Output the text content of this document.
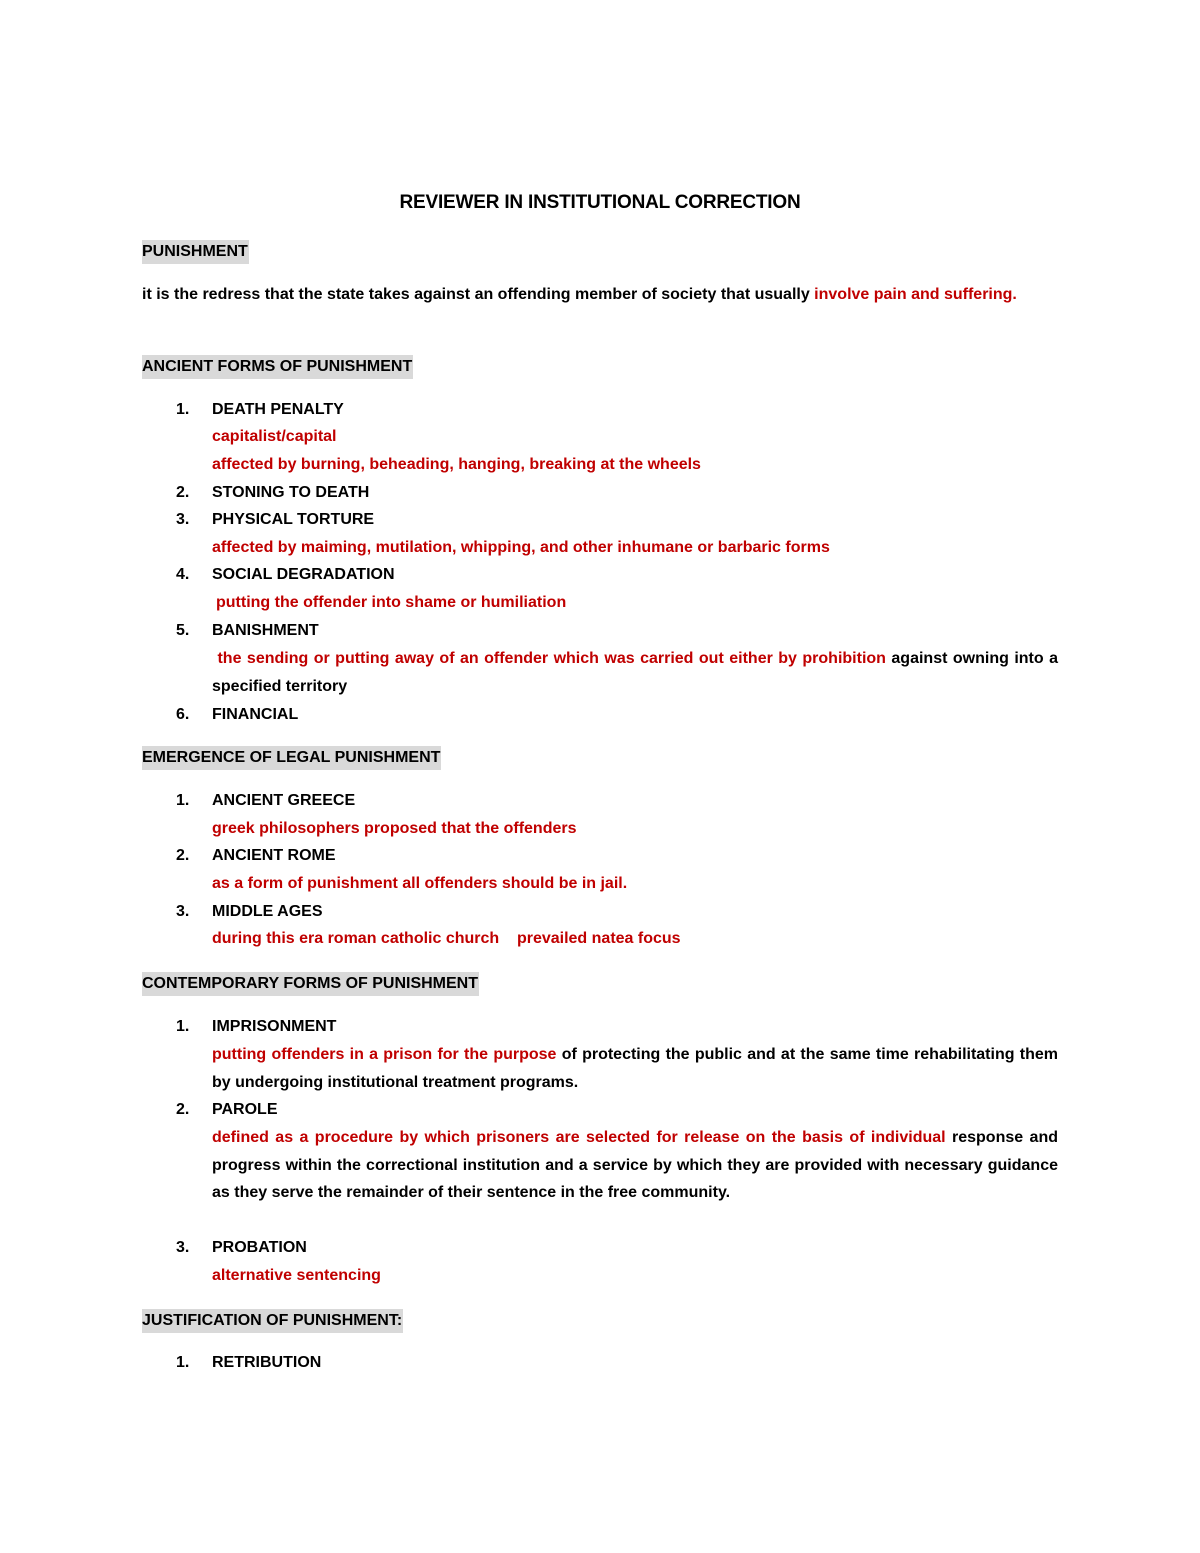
REVIEWER IN INSTITUTIONAL CORRECTION
PUNISHMENT
it is the redress that the state takes against an offending member of society that usually involve pain and suffering.
ANCIENT FORMS OF PUNISHMENT
1. DEATH PENALTY
capitalist/capital
affected by burning, beheading, hanging, breaking at the wheels
2. STONING TO DEATH
3. PHYSICAL TORTURE
affected by maiming, mutilation, whipping, and other inhumane or barbaric forms
4. SOCIAL DEGRADATION
putting the offender into shame or humiliation
5. BANISHMENT
the sending or putting away of an offender which was carried out either by prohibition against owning into a specified territory
6. FINANCIAL
EMERGENCE OF LEGAL PUNISHMENT
1. ANCIENT GREECE
greek philosophers proposed that the offenders
2. ANCIENT ROME
as a form of punishment all offenders should be in jail.
3. MIDDLE AGES
during this era roman catholic church    prevailed natea focus
CONTEMPORARY FORMS OF PUNISHMENT
1. IMPRISONMENT
putting offenders in a prison for the purpose of protecting the public and at the same time rehabilitating them by undergoing institutional treatment programs.
2. PAROLE
defined as a procedure by which prisoners are selected for release on the basis of individual response and progress within the correctional institution and a service by which they are provided with necessary guidance as they serve the remainder of their sentence in the free community.
3. PROBATION
alternative sentencing
JUSTIFICATION OF PUNISHMENT:
1. RETRIBUTION
